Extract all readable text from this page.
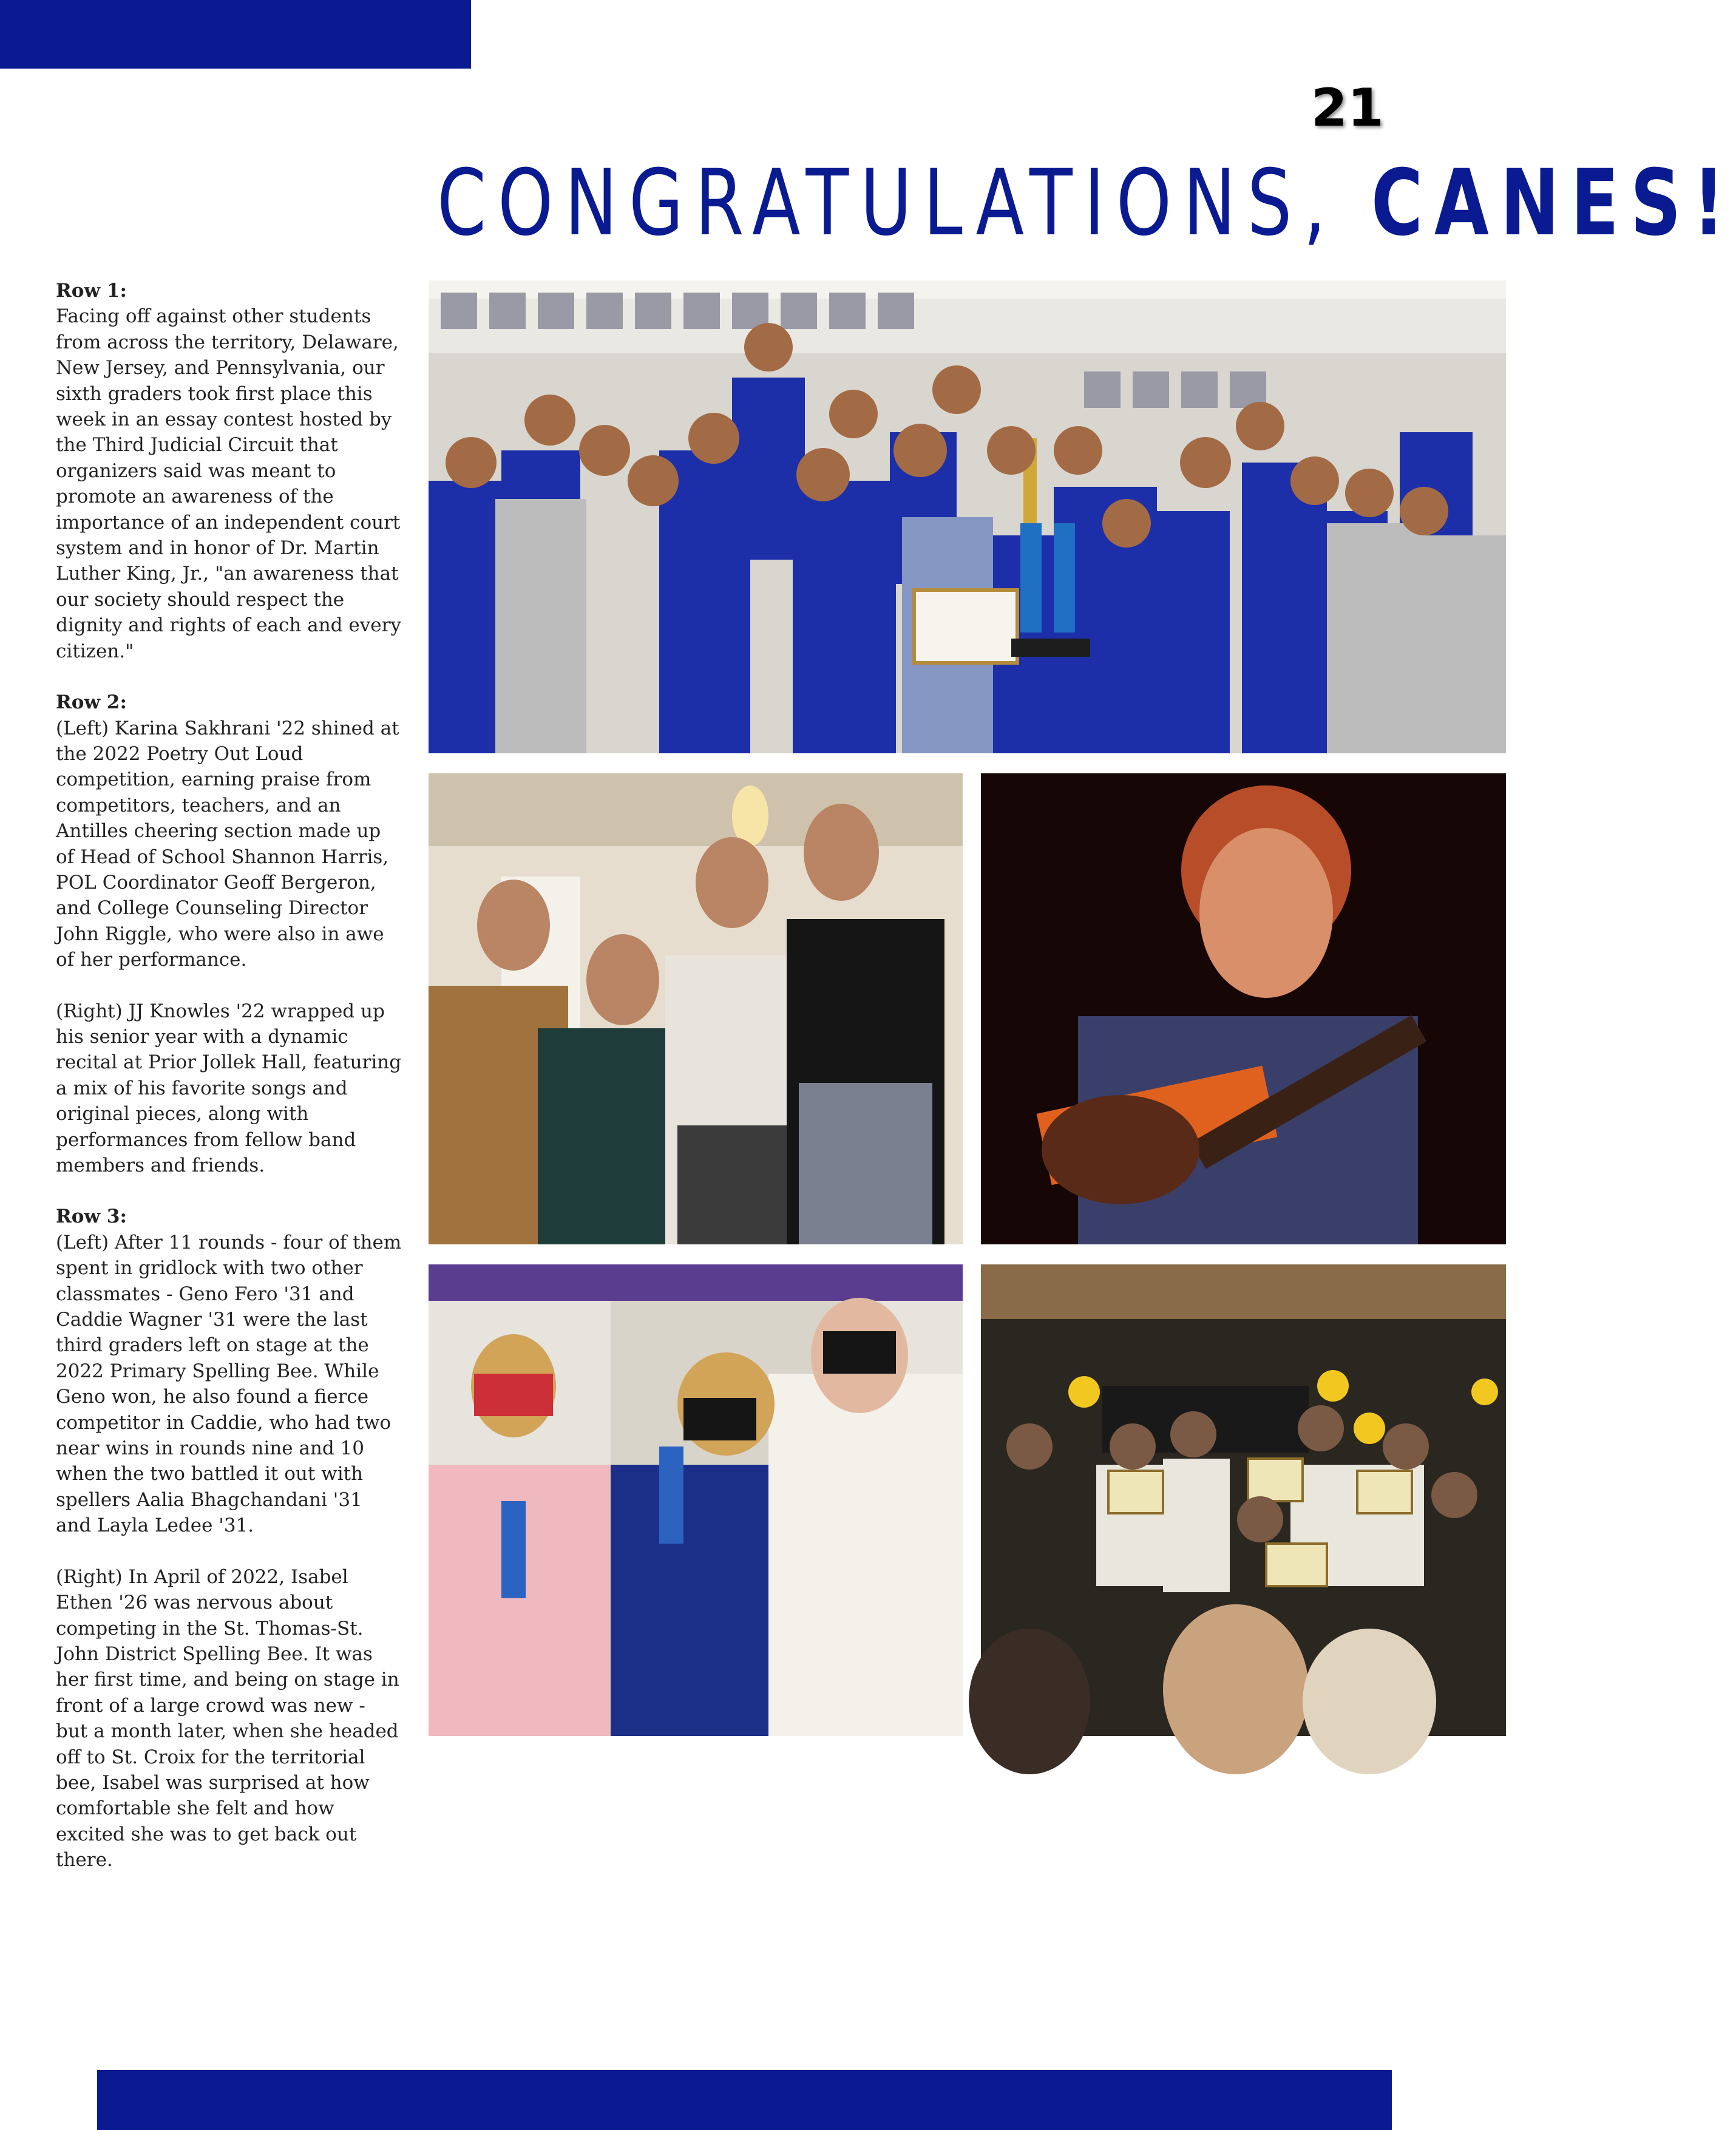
21
CONGRATULATIONS, CANES!

Row 1:
Facing off against other students from across the territory, Delaware, New Jersey, and Pennsylvania, our sixth graders took first place this week in an essay contest hosted by the Third Judicial Circuit that organizers said was meant to promote an awareness of the importance of an independent court system and in honor of Dr. Martin Luther King, Jr., "an awareness that our society should respect the dignity and rights of each and every citizen."

Row 2:
(Left) Karina Sakhrani '22 shined at the 2022 Poetry Out Loud competition, earning praise from competitors, teachers, and an Antilles cheering section made up of Head of School Shannon Harris, POL Coordinator Geoff Bergeron, and College Counseling Director John Riggle, who were also in awe of her performance.

(Right) JJ Knowles '22 wrapped up his senior year with a dynamic recital at Prior Jollek Hall, featuring a mix of his favorite songs and original pieces, along with performances from fellow band members and friends.

Row 3:
(Left) After 11 rounds - four of them spent in gridlock with two other classmates - Geno Fero '31 and Caddie Wagner '31 were the last third graders left on stage at the 2022 Primary Spelling Bee. While Geno won, he also found a fierce competitor in Caddie, who had two near wins in rounds nine and 10 when the two battled it out with spellers Aalia Bhagchandani '31 and Layla Ledee '31.

(Right) In April of 2022, Isabel Ethen '26 was nervous about competing in the St. Thomas-St. John District Spelling Bee. It was her first time, and being on stage in front of a large crowd was new - but a month later, when she headed off to St. Croix for the territorial bee, Isabel was surprised at how comfortable she felt and how excited she was to get back out there.
